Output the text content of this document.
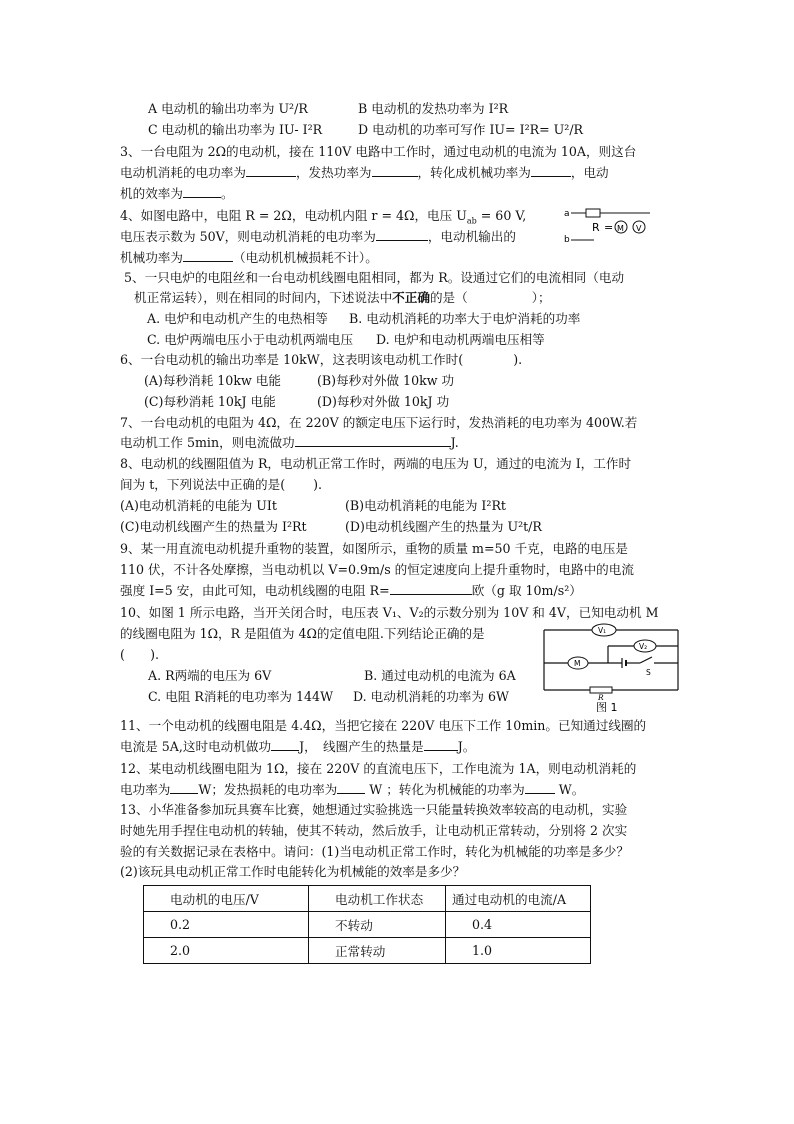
A 电动机的输出功率为 U²/R	B 电动机的发热功率为 I²R
C 电动机的输出功率为 IU- I²R	D 电动机的功率可写作 IU= I²R= U²/R
3、一台电阻为 2Ω的电动机，接在 110V 电路中工作时，通过电动机的电流为 10A，则这台
电动机消耗的电功率为	，发热功率为	，转化成机械功率为	，电动
机的效率为	。
4、如图电路中，电阻 R = 2Ω，电动机内阻 r = 4Ω，电压 $U_{ab} = 60$ V,
电压表示数为 50V，则电动机消耗的电功率为	，电动机输出的
机械功率为	（电动机机械损耗不计）。
a
b
R = M V
5、一只电炉的电阻丝和一台电动机线圈电阻相同，都为 R。设通过它们的电流相同（电动
机正常运转），则在相同的时间内，下述说法中不正确的是（	）；
A. 电炉和电动机产生的电热相等 B. 电动机消耗的功率大于电炉消耗的功率
C. 电炉两端电压小于电动机两端电压 D. 电炉和电动机两端电压相等
6、一台电动机的输出功率是 10kW，这表明该电动机工作时(	).
(A)每秒消耗 10kw 电能	(B)每秒对外做 10kw 功
(C)每秒消耗 10kJ 电能	(D)每秒对外做 10kJ 功
7、一台电动机的电阻为 4Ω，在 220V 的额定电压下运行时，发热消耗的电功率为 400W.若
电动机工作 5min，则电流做功	J.
8、电动机的线圈阻值为 R，电动机正常工作时，两端的电压为 U，通过的电流为 I，工作时
间为 t，下列说法中正确的是( ).
(A)电动机消耗的电能为 UIt	(B)电动机消耗的电能为 I²Rt
(C)电动机线圈产生的热量为 I²Rt	(D)电动机线圈产生的热量为 U²t/R
9、某一用直流电动机提升重物的装置，如图所示，重物的质量 m=50 千克，电路的电压是
110 伏，不计各处摩擦，当电动机以 V=0.9m/s 的恒定速度向上提升重物时，电路中的电流
强度 I=5 安，由此可知，电动机线圈的电阻 R=	欧（g 取 10m/s²）
10、如图 1 所示电路，当开关闭合时，电压表 V₁、V₂的示数分别为 10V 和 4V，已知电动机 M
的线圈电阻为 1Ω，R 是阻值为 4Ω的定值电阻.下列结论正确的是
(　　).
A. R两端的电压为 6V	B. 通过电动机的电流为 6A
C. 电阻 R消耗的电功率为 144W D. 电动机消耗的功率为 6W
V₁
V₂
M
S
R
图 1
11、一个电动机的线圈电阻是 4.4Ω，当把它接在 220V 电压下工作 10min。已知通过线圈的
电流是 5A,这时电动机做功 J，　线圈产生的热量是	J。
12、某电动机线圈电阻为 1Ω，接在 220V 的直流电压下，工作电流为 1A，则电动机消耗的
电功率为 W；发热损耗的电功率为 W ；转化为机械能的功率为 W。
13、小华准备参加玩具赛车比赛，她想通过实验挑选一只能量转换效率较高的电动机，实验
时她先用手捏住电动机的转轴，使其不转动，然后放手，让电动机正常转动，分别将 2 次实
验的有关数据记录在表格中。请问：(1)当电动机正常工作时，转化为机械能的功率是多少？
(2)该玩具电动机正常工作时电能转化为机械能的效率是多少？
电动机的电压/V	电动机工作状态	通过电动机的电流/A
0.2	不转动	0.4
2.0	正常转动	1.0
